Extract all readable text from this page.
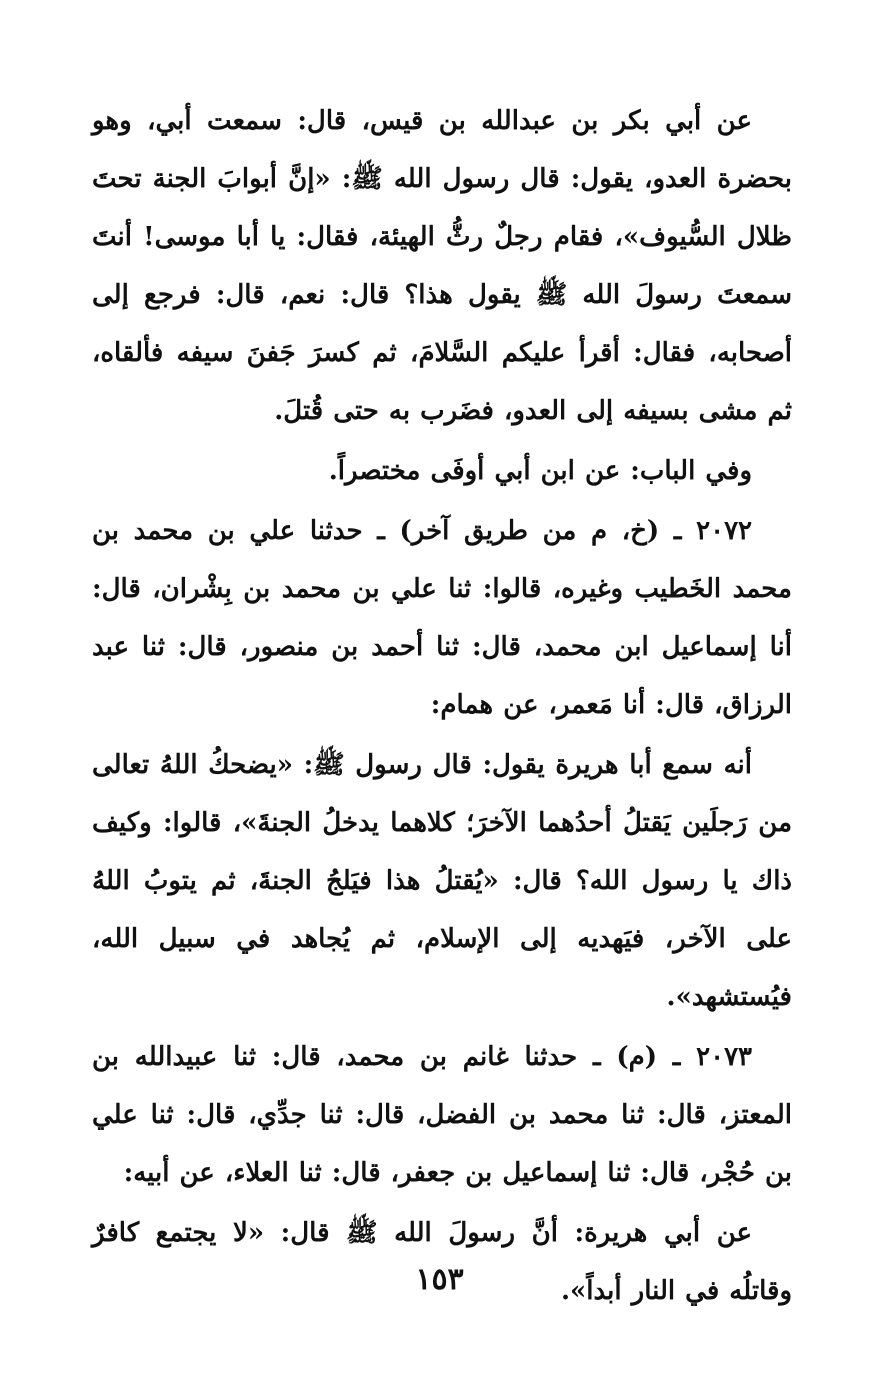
عن أبي بكر بن عبدالله بن قيس، قال: سمعت أبي، وهو بحضرة العدو، يقول: قال رسول الله ﷺ: «إنَّ أبوابَ الجنة تحتَ ظلال السُّيوف»، فقام رجلٌ رثُّ الهيئة، فقال: يا أبا موسى! أنتَ سمعتَ رسولَ الله ﷺ يقول هذا؟ قال: نعم، قال: فرجع إلى أصحابه، فقال: أقرأ عليكم السَّلامَ، ثم كسرَ جَفنَ سيفه فألقاه، ثم مشى بسيفه إلى العدو، فضَرب به حتى قُتلَ.

وفي الباب: عن ابن أبي أوفَى مختصراً.

٢٠٧٢ ـ (خ، م من طريق آخر) ـ حدثنا علي بن محمد بن محمد الخَطيب وغيره، قالوا: ثنا علي بن محمد بن بِشْران، قال: أنا إسماعيل ابن محمد، قال: ثنا أحمد بن منصور، قال: ثنا عبد الرزاق، قال: أنا مَعمر، عن همام:

أنه سمع أبا هريرة يقول: قال رسول ﷺ: «يضحكُ اللهُ تعالى من رَجلَين يَقتلُ أحدُهما الآخرَ؛ كلاهما يدخلُ الجنةَ»، قالوا: وكيف ذاك يا رسول الله؟ قال: «يُقتلُ هذا فيَلجُ الجنةَ، ثم يتوبُ اللهُ على الآخر، فيَهديه إلى الإسلام، ثم يُجاهد في سبيل الله، فيُستشهد».

٢٠٧٣ ـ (م) ـ حدثنا غانم بن محمد، قال: ثنا عبيدالله بن المعتز، قال: ثنا محمد بن الفضل، قال: ثنا جدِّي، قال: ثنا علي بن حُجْر، قال: ثنا إسماعيل بن جعفر، قال: ثنا العلاء، عن أبيه:

عن أبي هريرة: أنَّ رسولَ الله ﷺ قال: «لا يجتمع كافرٌ وقاتلُه في النار أبداً».

١٥٣
